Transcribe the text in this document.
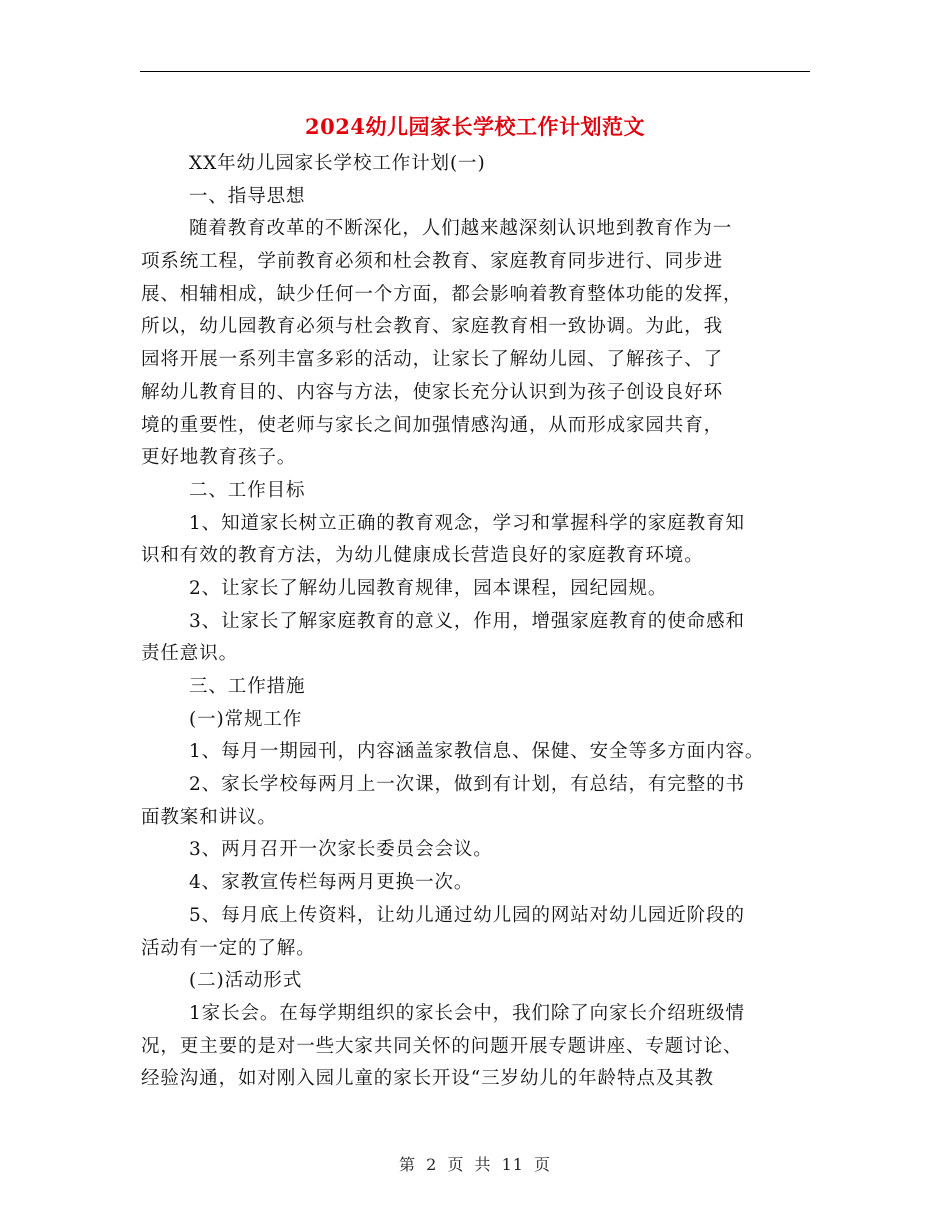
2024幼儿园家长学校工作计划范文
XX年幼儿园家长学校工作计划(一)
一、指导思想
随着教育改革的不断深化，人们越来越深刻认识地到教育作为一
项系统工程，学前教育必须和杜会教育、家庭教育同步进行、同步进
展、相辅相成，缺少任何一个方面，都会影响着教育整体功能的发挥，
所以，幼儿园教育必须与杜会教育、家庭教育相一致协调。为此，我
园将开展一系列丰富多彩的活动，让家长了解幼儿园、了解孩子、了
解幼儿教育目的、内容与方法，使家长充分认识到为孩子创设良好环
境的重要性，使老师与家长之间加强情感沟通，从而形成家园共育，
更好地教育孩子。
二、工作目标
1、知道家长树立正确的教育观念，学习和掌握科学的家庭教育知
识和有效的教育方法，为幼儿健康成长营造良好的家庭教育环境。
2、让家长了解幼儿园教育规律，园本课程，园纪园规。
3、让家长了解家庭教育的意义，作用，增强家庭教育的使命感和
责任意识。
三、工作措施
(一)常规工作
1、每月一期园刊，内容涵盖家教信息、保健、安全等多方面内容。
2、家长学校每两月上一次课，做到有计划，有总结，有完整的书
面教案和讲议。
3、两月召开一次家长委员会会议。
4、家教宣传栏每两月更换一次。
5、每月底上传资料，让幼儿通过幼儿园的网站对幼儿园近阶段的
活动有一定的了解。
(二)活动形式
1家长会。在每学期组织的家长会中，我们除了向家长介绍班级情
况，更主要的是对一些大家共同关怀的问题开展专题讲座、专题讨论、
经验沟通，如对刚入园儿童的家长开设“三岁幼儿的年龄特点及其教
第 2 页 共 11 页
